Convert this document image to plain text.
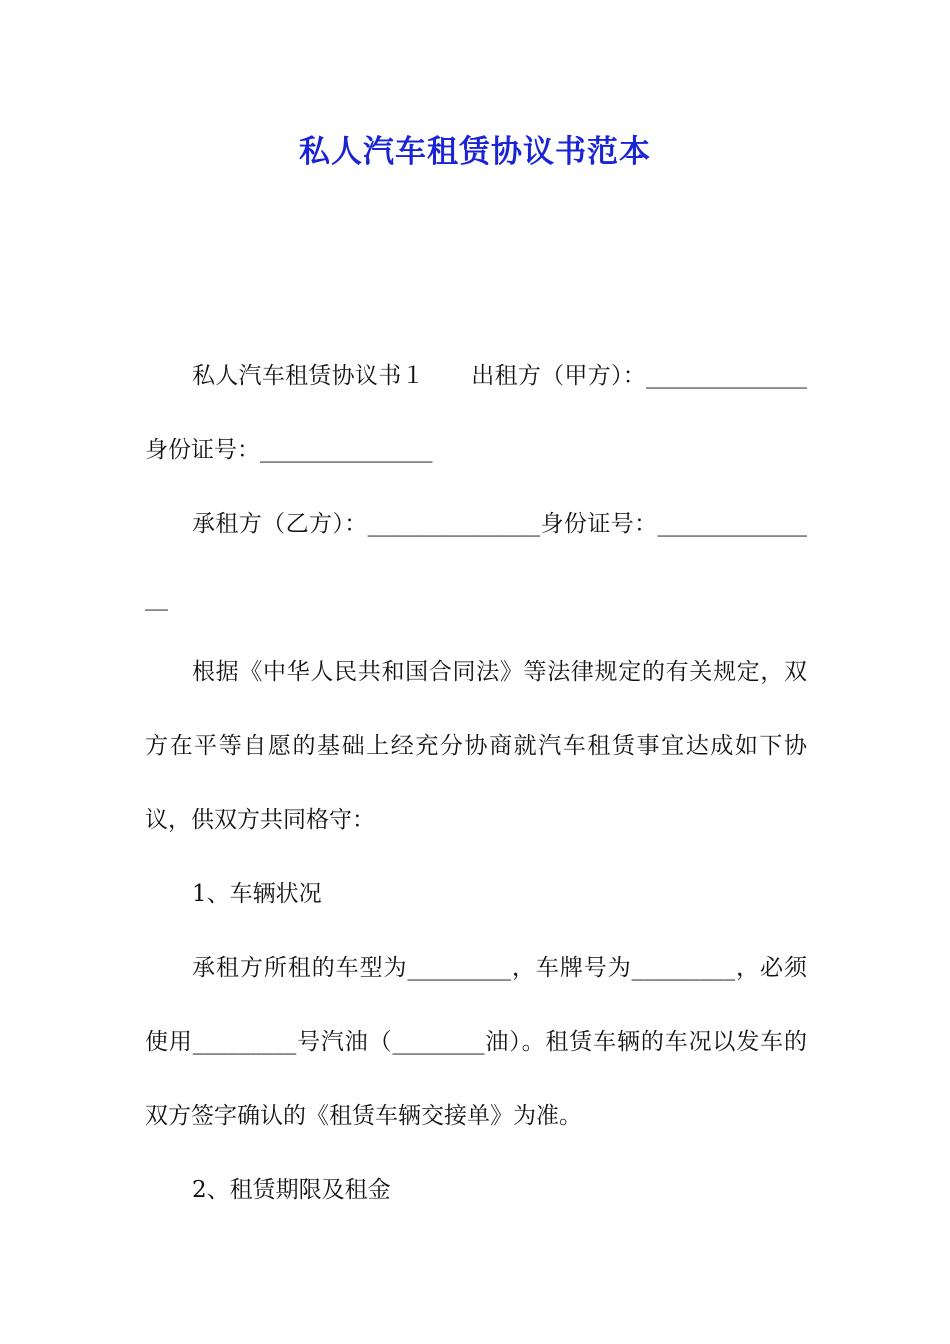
私人汽车租赁协议书范本

私人汽车租赁协议书１　　出租方（甲方）：______________身份证号：_______________

承租方（乙方）：_______________身份证号：_______________

根据《中华人民共和国合同法》等法律规定的有关规定，双方在平等自愿的基础上经充分协商就汽车租赁事宜达成如下协议，供双方共同格守：

1、车辆状况

承租方所租的车型为_________，车牌号为_________，必须使用_________号汽油（________油）。租赁车辆的车况以发车的双方签字确认的《租赁车辆交接单》为准。

2、租赁期限及租金
